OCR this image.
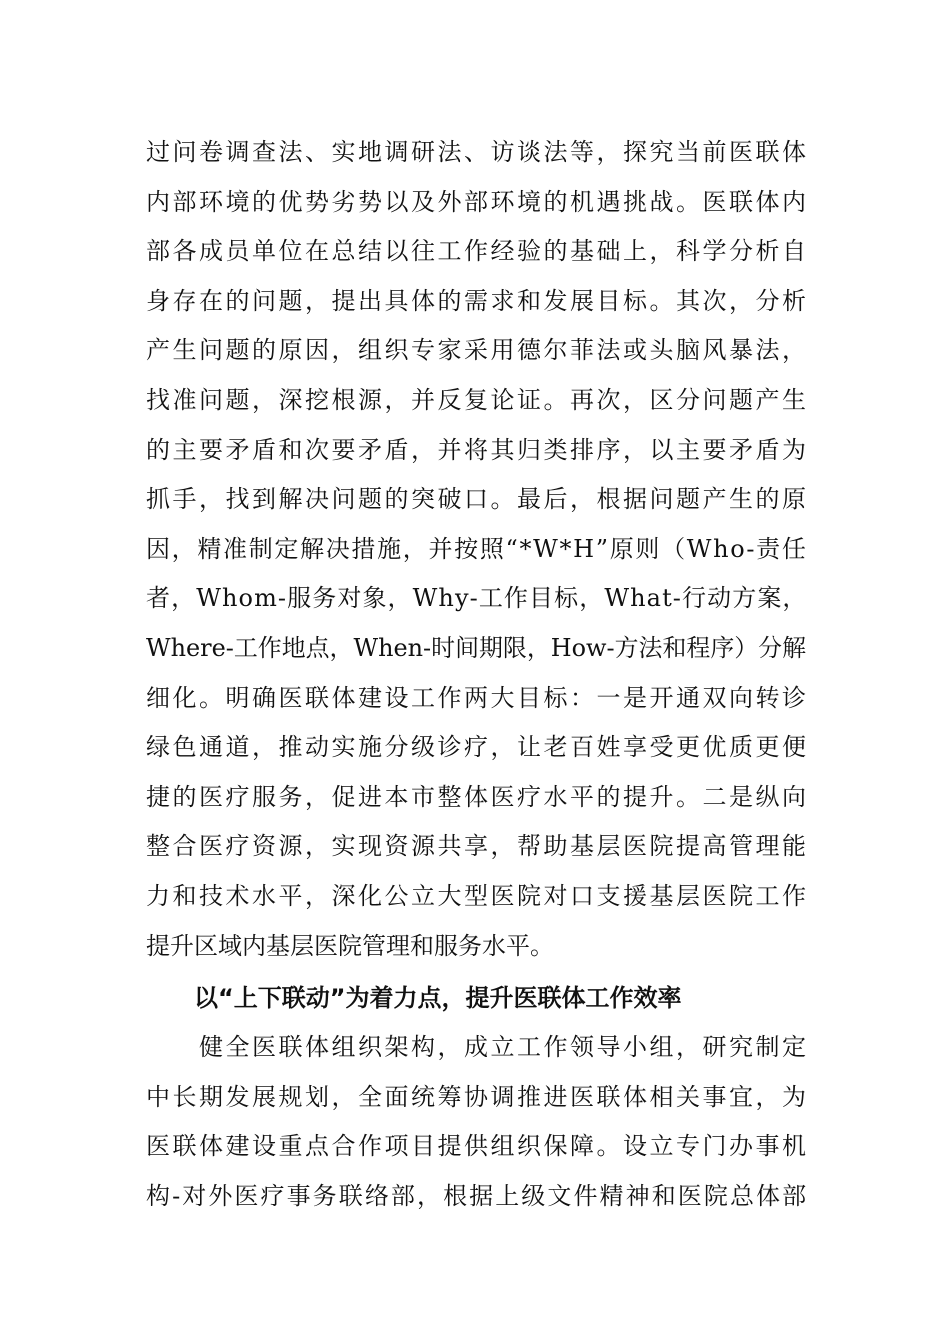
过问卷调查法、实地调研法、访谈法等，探究当前医联体
内部环境的优势劣势以及外部环境的机遇挑战。医联体内
部各成员单位在总结以往工作经验的基础上，科学分析自
身存在的问题，提出具体的需求和发展目标。其次，分析
产生问题的原因，组织专家采用德尔菲法或头脑风暴法，
找准问题，深挖根源，并反复论证。再次，区分问题产生
的主要矛盾和次要矛盾，并将其归类排序，以主要矛盾为
抓手，找到解决问题的突破口。最后，根据问题产生的原
因，精准制定解决措施，并按照“*W*H”原则（Who-责任
者，Whom-服务对象，Why-工作目标，What-行动方案，
Where-工作地点，When-时间期限，How-方法和程序）分解
细化。明确医联体建设工作两大目标：一是开通双向转诊
绿色通道，推动实施分级诊疗，让老百姓享受更优质更便
捷的医疗服务，促进本市整体医疗水平的提升。二是纵向
整合医疗资源，实现资源共享，帮助基层医院提高管理能
力和技术水平，深化公立大型医院对口支援基层医院工作
提升区域内基层医院管理和服务水平。
以“上下联动”为着力点，提升医联体工作效率
　　健全医联体组织架构，成立工作领导小组，研究制定
中长期发展规划，全面统筹协调推进医联体相关事宜，为
医联体建设重点合作项目提供组织保障。设立专门办事机
构-对外医疗事务联络部，根据上级文件精神和医院总体部
